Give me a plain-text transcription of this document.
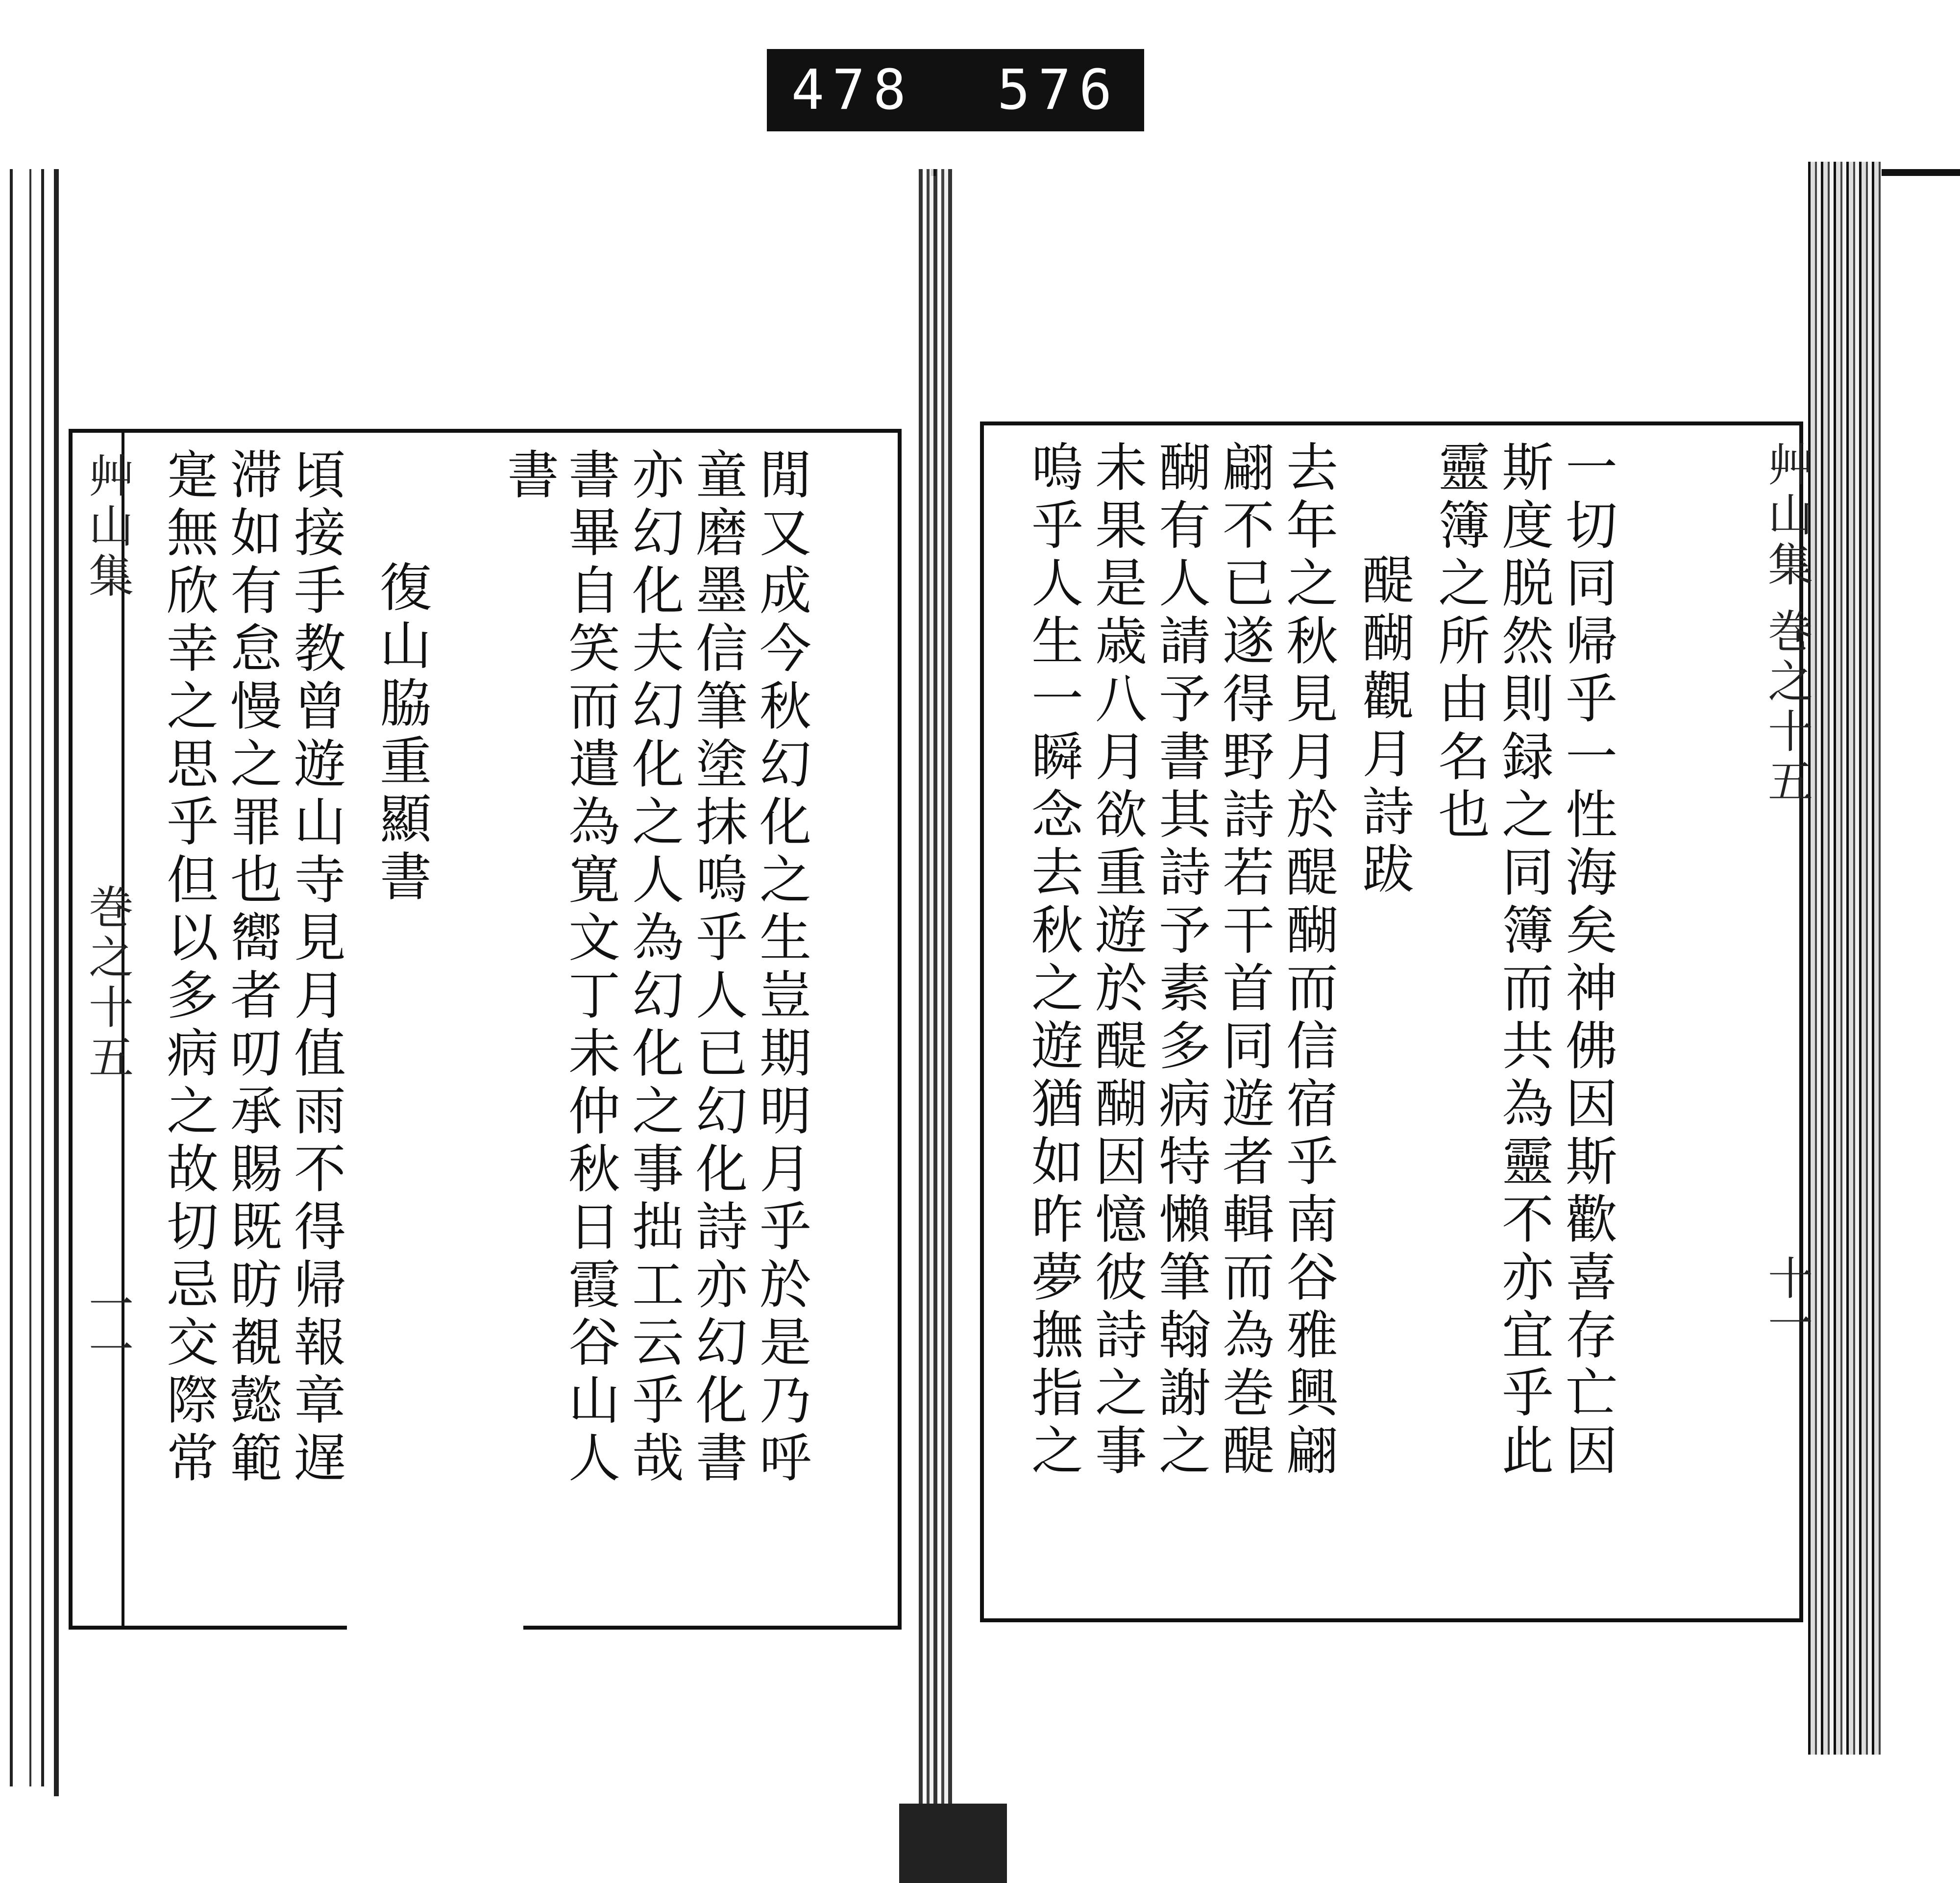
478 576
艸山集
巻之十五
一一 寔無欣幸之思乎但以多病之故切忌交際常 滞如有怠慢之罪也嚮者叨承賜既昉覩懿範 頃接手教曾遊山寺見月值雨不得帰報章遅 復山脇重顯書
書 書畢自笑而遣為寛文丁未仲秋日霞谷山人 亦幻化夫幻化之人為幻化之事拙工云乎哉 童磨墨信筆塗抹嗚乎人已幻化詩亦幻化書 閒又成今秋幻化之生豈期明月乎於是乃呼	嗚乎人生一瞬念去秋之遊猶如昨夢撫指之 未果是歳八月欲重遊於醍醐因憶彼詩之事 醐有人請予書其詩予素多病特懶筆翰謝之 翩不已遂得野詩若干首同遊者輯而為巻醍 去年之秋見月於醍醐而信宿乎南谷雅興翩 醍醐觀月詩跋 靈簿之所由名也 斯度脱然則録之同簿而共為靈不亦宜乎此 一切同帰乎一性海矣神佛因斯歡喜存亡因	艸山集
巻之十五
十一
